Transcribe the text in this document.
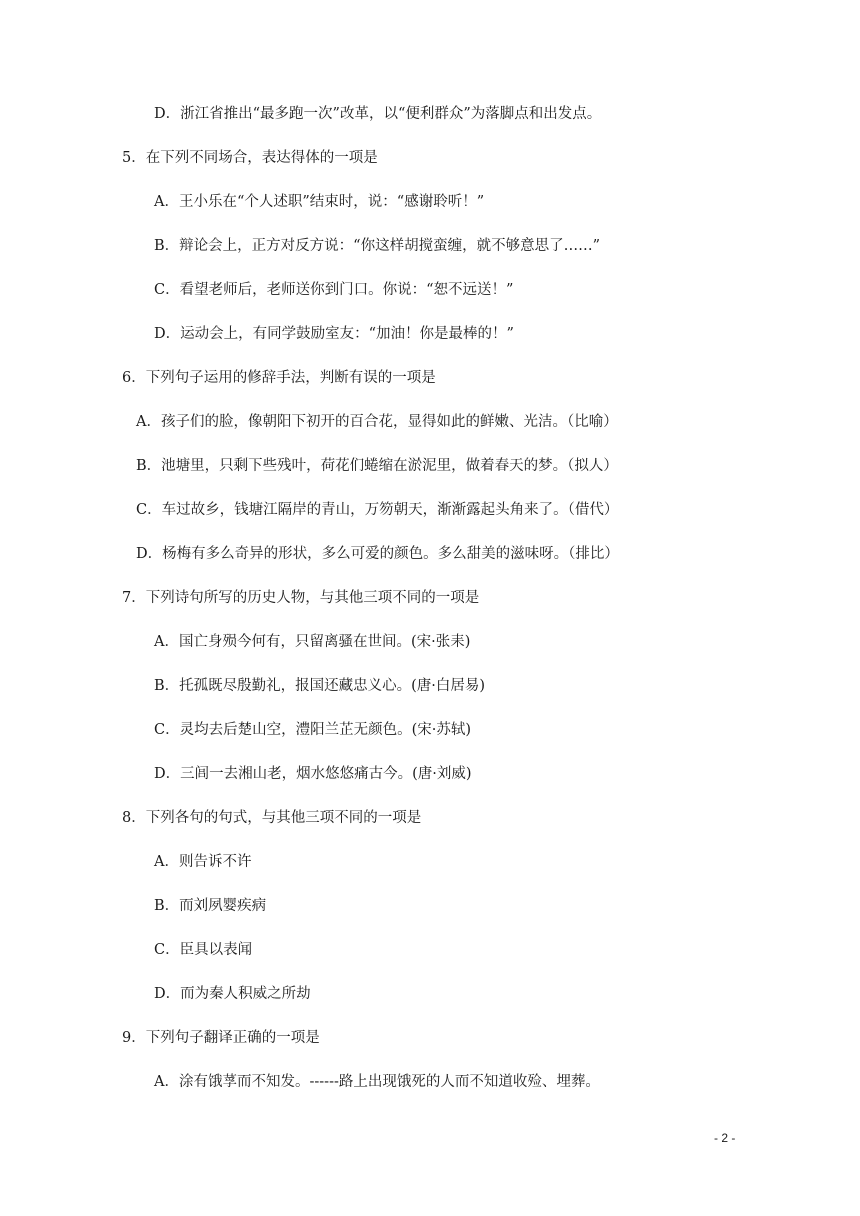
D．浙江省推出“最多跑一次”改革，以“便利群众”为落脚点和出发点。
5．在下列不同场合，表达得体的一项是
A．王小乐在“个人述职”结束时，说：“感谢聆听！”
B．辩论会上，正方对反方说：“你这样胡搅蛮缠，就不够意思了……”
C．看望老师后，老师送你到门口。你说：“恕不远送！”
D．运动会上，有同学鼓励室友：“加油！你是最棒的！”
6．下列句子运用的修辞手法，判断有误的一项是
A．孩子们的脸，像朝阳下初开的百合花，显得如此的鲜嫩、光洁。（比喻）
B．池塘里，只剩下些残叶，荷花们蜷缩在淤泥里，做着春天的梦。（拟人）
C．车过故乡，钱塘江隔岸的青山，万笏朝天，渐渐露起头角来了。（借代）
D．杨梅有多么奇异的形状，多么可爱的颜色。多么甜美的滋味呀。（排比）
7．下列诗句所写的历史人物，与其他三项不同的一项是
A．国亡身殒今何有，只留离骚在世间。(宋·张耒)
B．托孤既尽殷勤礼，报国还藏忠义心。(唐·白居易)
C．灵均去后楚山空，澧阳兰芷无颜色。(宋·苏轼)
D．三闾一去湘山老，烟水悠悠痛古今。(唐·刘威)
8．下列各句的句式，与其他三项不同的一项是
A．则告诉不许
B．而刘夙婴疾病
C．臣具以表闻
D．而为秦人积威之所劫
9．下列句子翻译正确的一项是
A．涂有饿莩而不知发。------路上出现饿死的人而不知道收殓、埋葬。
- 2 -
